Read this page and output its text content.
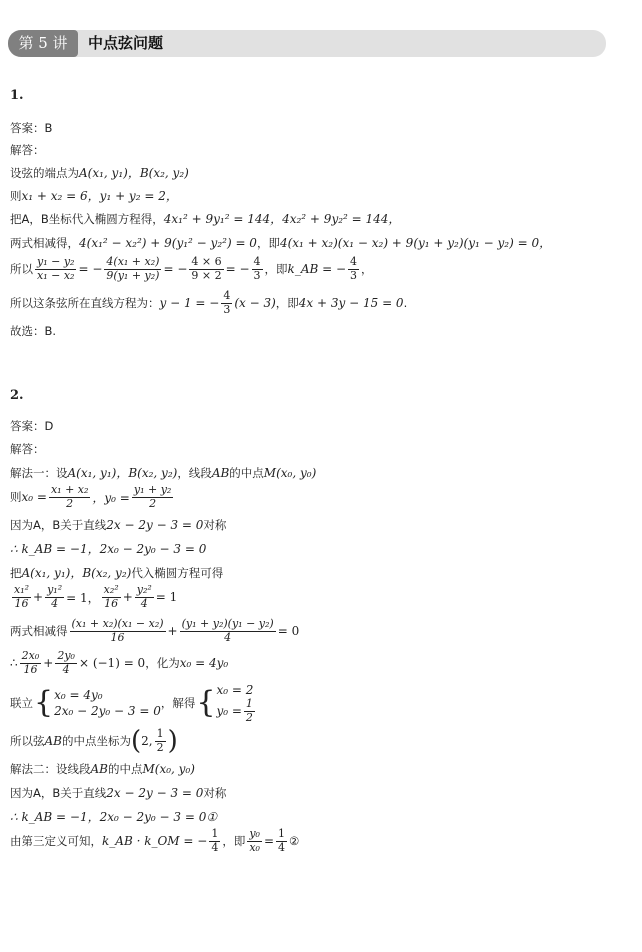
第 5 讲	中点弦问题
1.
答案：B
解答：
设弦的端点为 A(x₁, y₁)，B(x₂, y₂)
则 x₁ + x₂ = 6，y₁ + y₂ = 2，
把A，B坐标代入椭圆方程得， 4x₁² + 9y₁² = 144，4x₂² + 9y₂² = 144，
两式相减得， 4(x₁² − x₂²) + 9(y₁² − y₂²) = 0 ，即 4(x₁ + x₂)(x₁ − x₂) + 9(y₁ + y₂)(y₁ − y₂) = 0，
所以 $\frac{\text{y₁ − y₂}}{\text{x₁ − x₂}}$ = − $\frac{\text{4(x₁ + x₂)}}{\text{9(y₁ + y₂)}}$ = − $\frac{4 \times 6}{9 \times 2}$ = − $\frac{4}{3}$ ，即 k_AB = − $\frac{4}{3}$ ，
所以这条弦所在直线方程为： y − 1 = − $\frac{4}{3} (x - 3)$ ，即 4x + 3y − 15 = 0 .
故选：B.
2.
答案：D
解答：
解法一：设 A(x₁, y₁)，B(x₂, y₂) ，线段 AB 的中点 M(x₀, y₀)
则 $x_0 = \frac{\text{x₁ + x₂}}{2}$ ，$y_0 = \frac{\text{y₁ + y₂}}{2}$
因为A，B关于直线 2x − 2y − 3 = 0 对称
∴ k_AB = −1，2x₀ − 2y₀ − 3 = 0
把 A(x₁, y₁)，B(x₂, y₂) 代入椭圆方程可得
$\frac{\text{x₁²}}{16} + \frac{\text{y₁²}}{4} = 1$， $\frac{\text{x₂²}}{16} + \frac{\text{y₂²}}{4} = 1$
两式相减得 $\frac{\text{(x₁ + x₂)(x₁ − x₂)}}{16} + \frac{\text{(y₁ + y₂)(y₁ − y₂)}}{4} = 0$
∴ $\frac{\text{2x₀}}{16} + \frac{\text{2y₀}}{4} \times (-1) = 0$ ，化为 x₀ = 4y₀
联立 { x₀ = 4y₀
2x₀ − 2y₀ − 3 = 0
，解得 { x₀ = 2
$y_0 = \frac{1}{2}$
所以弦 AB 的中点坐标为 ( 2, $\frac{1}{2}$ )
解法二：设线段 AB 的中点 M(x₀, y₀)
因为A，B关于直线 2x − 2y − 3 = 0 对称
∴ k_AB = −1，2x₀ − 2y₀ − 3 = 0①
由第三定义可知， k_AB · k_OM = − $\frac{1}{4}$ ，即 $\frac{\text{y₀}}{\text{x₀}} = \frac{1}{4}$ ②
